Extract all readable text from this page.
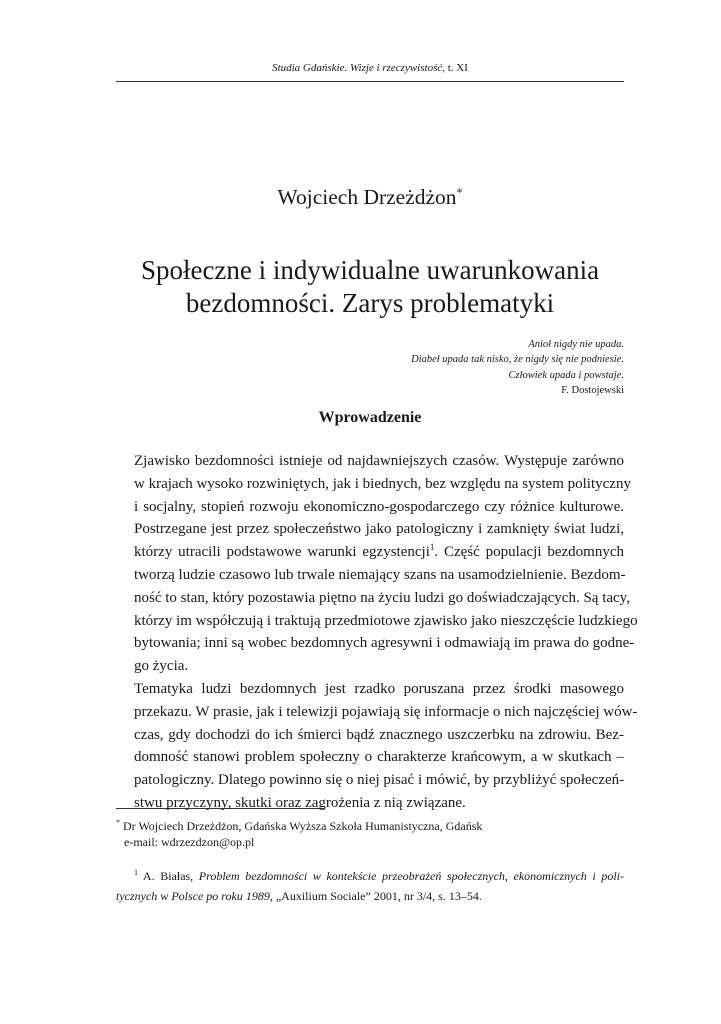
Studia Gdańskie. Wizje i rzeczywistość, t. XI
Wojciech Drzeżdżon*
Społeczne i indywidualne uwarunkowania
bezdomności. Zarys problematyki
Anioł nigdy nie upada.
Diabeł upada tak nisko, że nigdy się nie podniesie.
Człowiek upada i powstaje.
F. Dostojewski
Wprowadzenie

Zjawisko bezdomności istnieje od najdawniejszych czasów. Występuje zarówno
w krajach wysoko rozwiniętych, jak i biednych, bez względu na system polityczny
i socjalny, stopień rozwoju ekonomiczno-gospodarczego czy różnice kulturowe.
Postrzegane jest przez społeczeństwo jako patologiczny i zamknięty świat ludzi,
którzy utracili podstawowe warunki egzystencji$^1$. Część populacji bezdomnych
tworzą ludzie czasowo lub trwale niemający szans na usamodzielnienie. Bezdom-
ność to stan, który pozostawia piętno na życiu ludzi go doświadczających. Są tacy,
którzy im współczują i traktują przedmiotowe zjawisko jako nieszczęście ludzkiego
bytowania; inni są wobec bezdomnych agresywni i odmawiają im prawa do godne-
go życia.

Tematyka ludzi bezdomnych jest rzadko poruszana przez środki masowego
przekazu. W prasie, jak i telewizji pojawiają się informacje o nich najczęściej wów-
czas, gdy dochodzi do ich śmierci bądź znacznego uszczerbku na zdrowiu. Bez-
domność stanowi problem społeczny o charakterze krańcowym, a w skutkach –
patologiczny. Dlatego powinno się o niej pisać i mówić, by przybliżyć społeczeń-
stwu przyczyny, skutki oraz zagrożenia z nią związane.

* Dr Wojciech Drzeżdżon, Gdańska Wyższa Szkoła Humanistyczna, Gdańsk
e-mail: wdrzezdzon@op.pl
$^1$ A. Białas, Problem bezdomności w kontekście przeobrażeń społecznych, ekonomicznych i poli-
tycznych w Polsce po roku 1989, „Auxilium Sociale” 2001, nr 3/4, s. 13–54.
